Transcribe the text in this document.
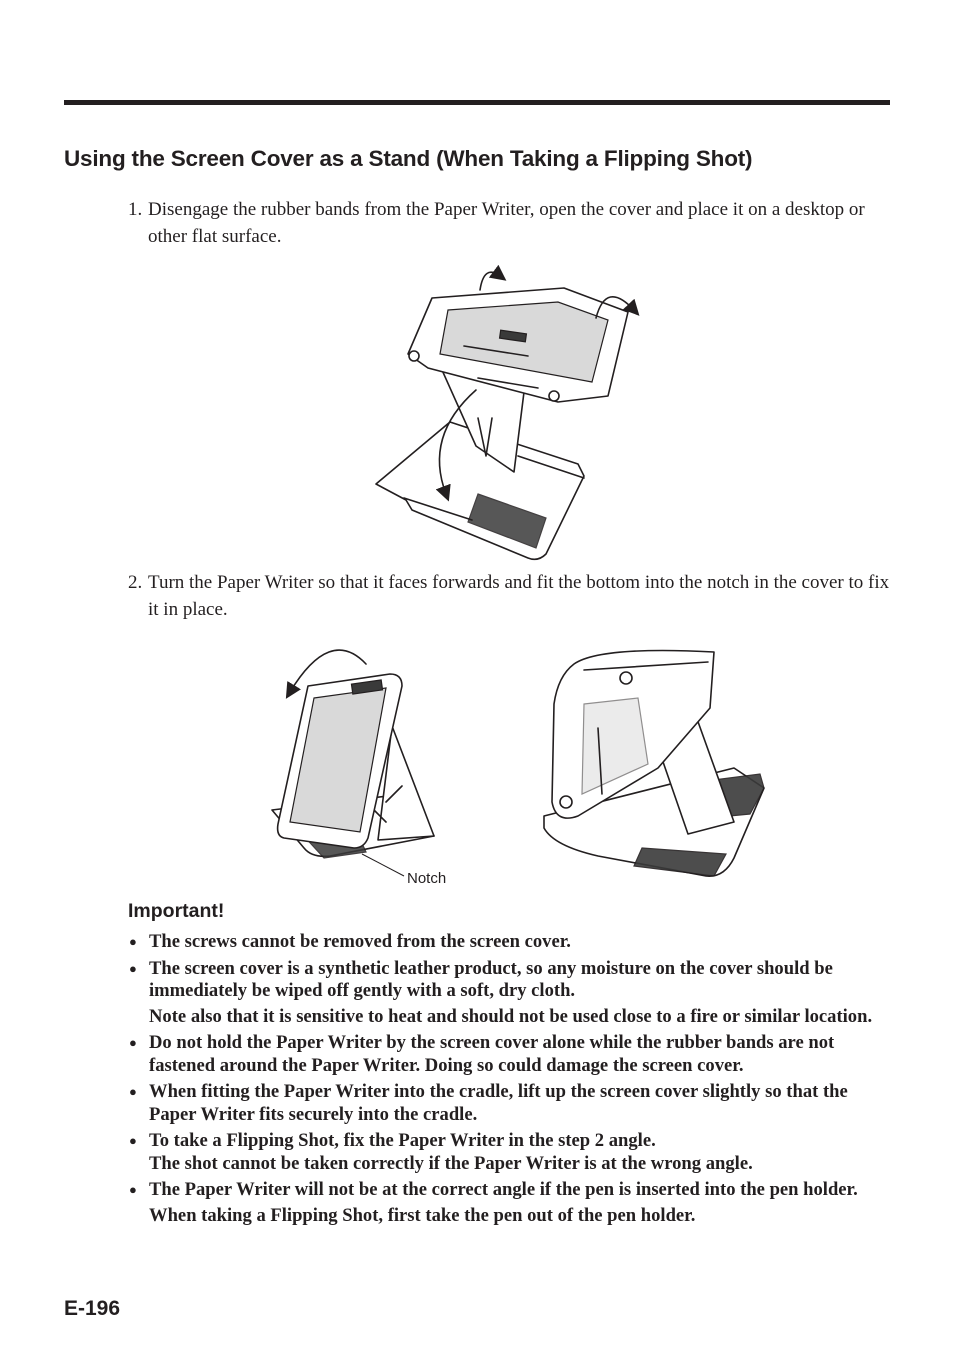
Using the Screen Cover as a Stand (When Taking a Flipping Shot)
1. Disengage the rubber bands from the Paper Writer, open the cover and place it on a desktop or other flat surface.
2. Turn the Paper Writer so that it faces forwards and fit the bottom into the notch in the cover to fix it in place.
Notch
Important!
● The screws cannot be removed from the screen cover.
● The screen cover is a synthetic leather product, so any moisture on the cover should be immediately be wiped off gently with a soft, dry cloth.
Note also that it is sensitive to heat and should not be used close to a fire or similar location.
● Do not hold the Paper Writer by the screen cover alone while the rubber bands are not fastened around the Paper Writer. Doing so could damage the screen cover.
● When fitting the Paper Writer into the cradle, lift up the screen cover slightly so that the Paper Writer fits securely into the cradle.
● To take a Flipping Shot, fix the Paper Writer in the step 2 angle.
The shot cannot be taken correctly if the Paper Writer is at the wrong angle.
● The Paper Writer will not be at the correct angle if the pen is inserted into the pen holder.
When taking a Flipping Shot, first take the pen out of the pen holder.
E-196
